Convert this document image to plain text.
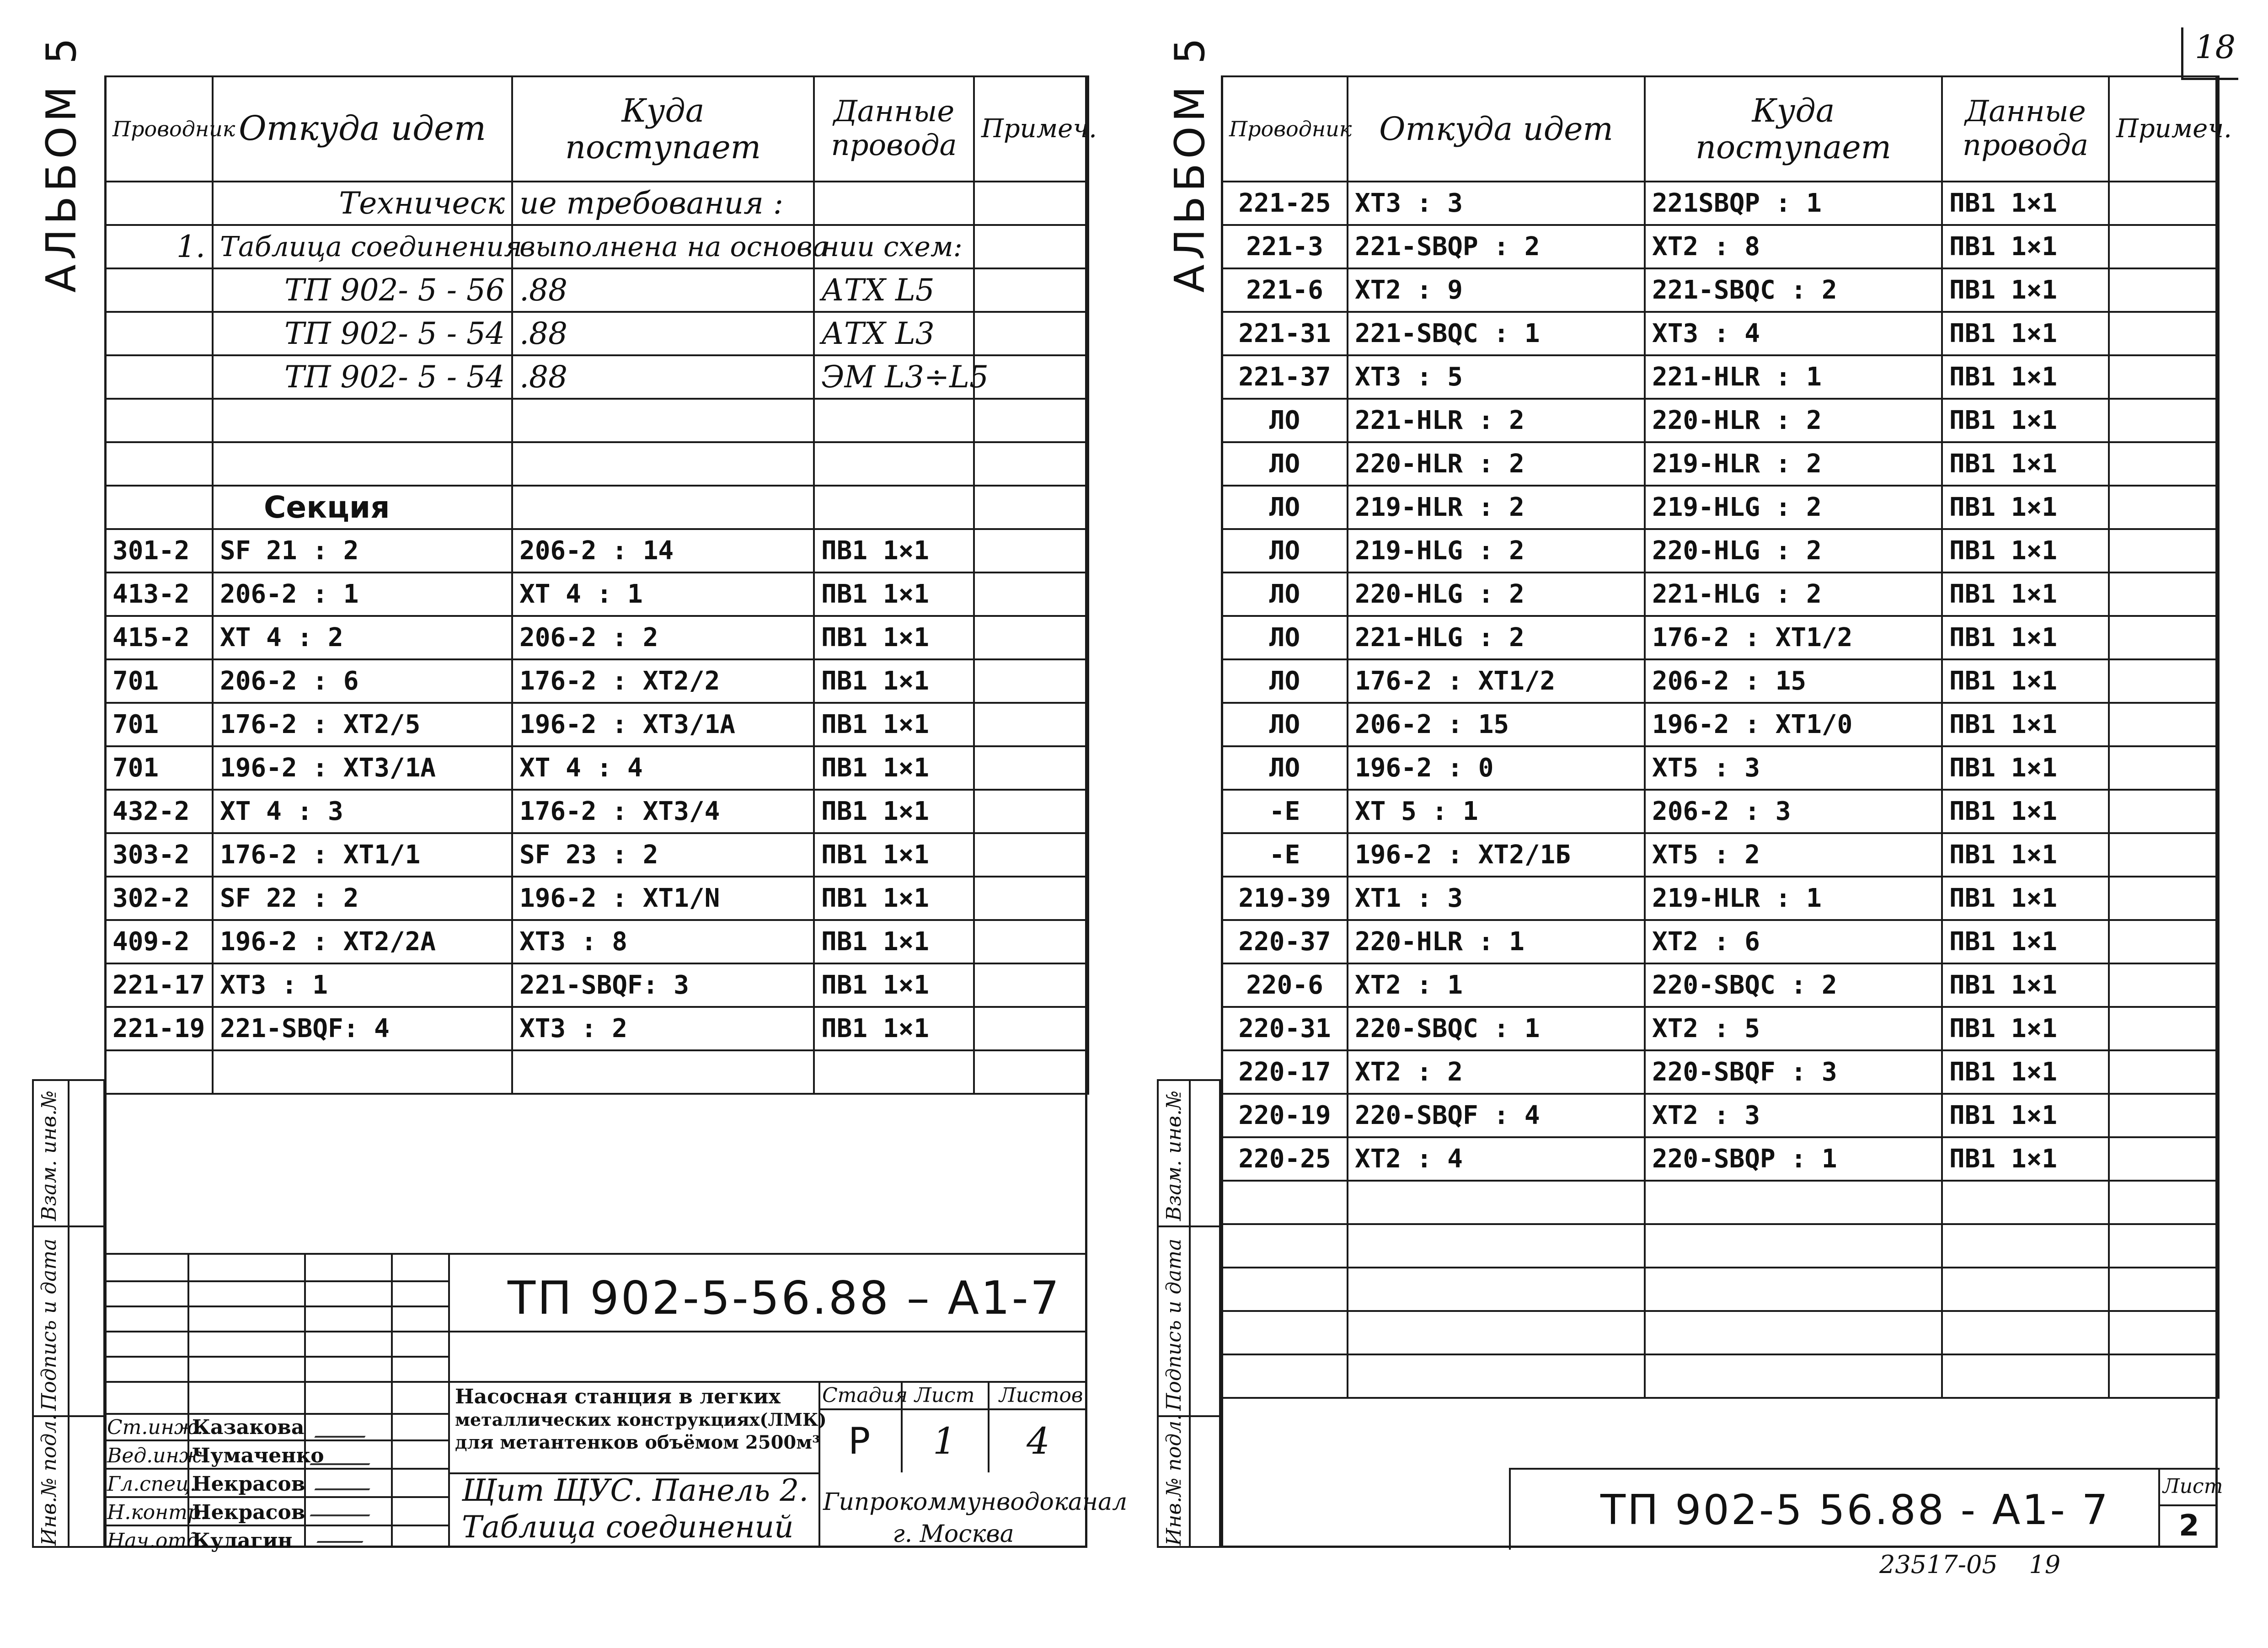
18
АЛЬБОМ 5 Проводник	Откуда идет	Куда поступает	Данные провода	Примеч.
	Техническ	ие требования :		
1.	Таблица соединения	выполнена на основа	нии схем:	
	ТП 902- 5 - 56	.88	АТХ L5	
	ТП 902- 5 - 54	.88	АТХ L3	
	ТП 902- 5 - 54	.88	ЭМ L3÷L5	

	Секция			
301-2	SF 21 : 2	206-2 : 14	ПВ1 1×1	
413-2	206-2 : 1	ХТ 4 : 1	ПВ1 1×1	
415-2	ХТ 4 : 2	206-2 : 2	ПВ1 1×1	
701	206-2 : 6	176-2 : ХТ2/2	ПВ1 1×1	
701	176-2 : ХТ2/5	196-2 : ХТ3/1А	ПВ1 1×1	
701	196-2 : ХТ3/1А	ХТ 4 : 4	ПВ1 1×1	
432-2	ХТ 4 : 3	176-2 : ХТ3/4	ПВ1 1×1	
303-2	176-2 : ХТ1/1	SF 23 : 2	ПВ1 1×1	
302-2	SF 22 : 2	196-2 : ХТ1/N	ПВ1 1×1	
409-2	196-2 : ХТ2/2А	ХТ3 : 8	ПВ1 1×1	
221-17	ХТ3 : 1	221-SBQF: 3	ПВ1 1×1	
221-19	221-SBQF: 4	ХТ3 : 2	ПВ1 1×1	

Взам. инв.№
Подпись и дата
Инв.№ подл.
ТП 902-5-56.88 – А1-7
Ст.инж.
Казакова
Вед.инж.
Чумаченко
Гл.спец.
Некрасов
Н.контр.
Некрасов
Нач.отд.
Кулагин
Насосная станция в легких
металлических конструкциях(ЛМК)
для метантенков объёмом 2500м³
Щит ЩУС. Панель 2.
Таблица соединений
Стадия Лист Листов
Р 1 4
Гипрокоммунводоканал
г. Москва
АЛЬБОМ 5 Проводник	Откуда идет	Куда поступает	Данные провода	Примеч.
221-25	ХТ3 : 3	221SBQP : 1	ПВ1 1×1	
221-3	221-SBQP : 2	ХТ2 : 8	ПВ1 1×1	
221-6	ХТ2 : 9	221-SBQC : 2	ПВ1 1×1	
221-31	221-SBQC : 1	ХТ3 : 4	ПВ1 1×1	
221-37	ХТ3 : 5	221-HLR : 1	ПВ1 1×1	
ЛО	221-HLR : 2	220-HLR : 2	ПВ1 1×1	
ЛО	220-HLR : 2	219-HLR : 2	ПВ1 1×1	
ЛО	219-HLR : 2	219-HLG : 2	ПВ1 1×1	
ЛО	219-HLG : 2	220-HLG : 2	ПВ1 1×1	
ЛО	220-HLG : 2	221-HLG : 2	ПВ1 1×1	
ЛО	221-HLG : 2	176-2 : ХТ1/2	ПВ1 1×1	
ЛО	176-2 : ХТ1/2	206-2 : 15	ПВ1 1×1	
ЛО	206-2 : 15	196-2 : ХТ1/0	ПВ1 1×1	
ЛО	196-2 : 0	ХТ5 : 3	ПВ1 1×1	
-Е	ХТ 5 : 1	206-2 : 3	ПВ1 1×1	
-Е	196-2 : ХТ2/1Б	ХТ5 : 2	ПВ1 1×1	
219-39	ХТ1 : 3	219-HLR : 1	ПВ1 1×1	
220-37	220-HLR : 1	ХТ2 : 6	ПВ1 1×1	
220-6	ХТ2 : 1	220-SBQC : 2	ПВ1 1×1	
220-31	220-SBQC : 1	ХТ2 : 5	ПВ1 1×1	
220-17	ХТ2 : 2	220-SBQF : 3	ПВ1 1×1	
220-19	220-SBQF : 4	ХТ2 : 3	ПВ1 1×1	
220-25	ХТ2 : 4	220-SBQP : 1	ПВ1 1×1	

Взам. инв.№
Подпись и дата
Инв.№ подл.	ТП 902-5 56.88 - А1- 7	Лист
2
23517-05    19
